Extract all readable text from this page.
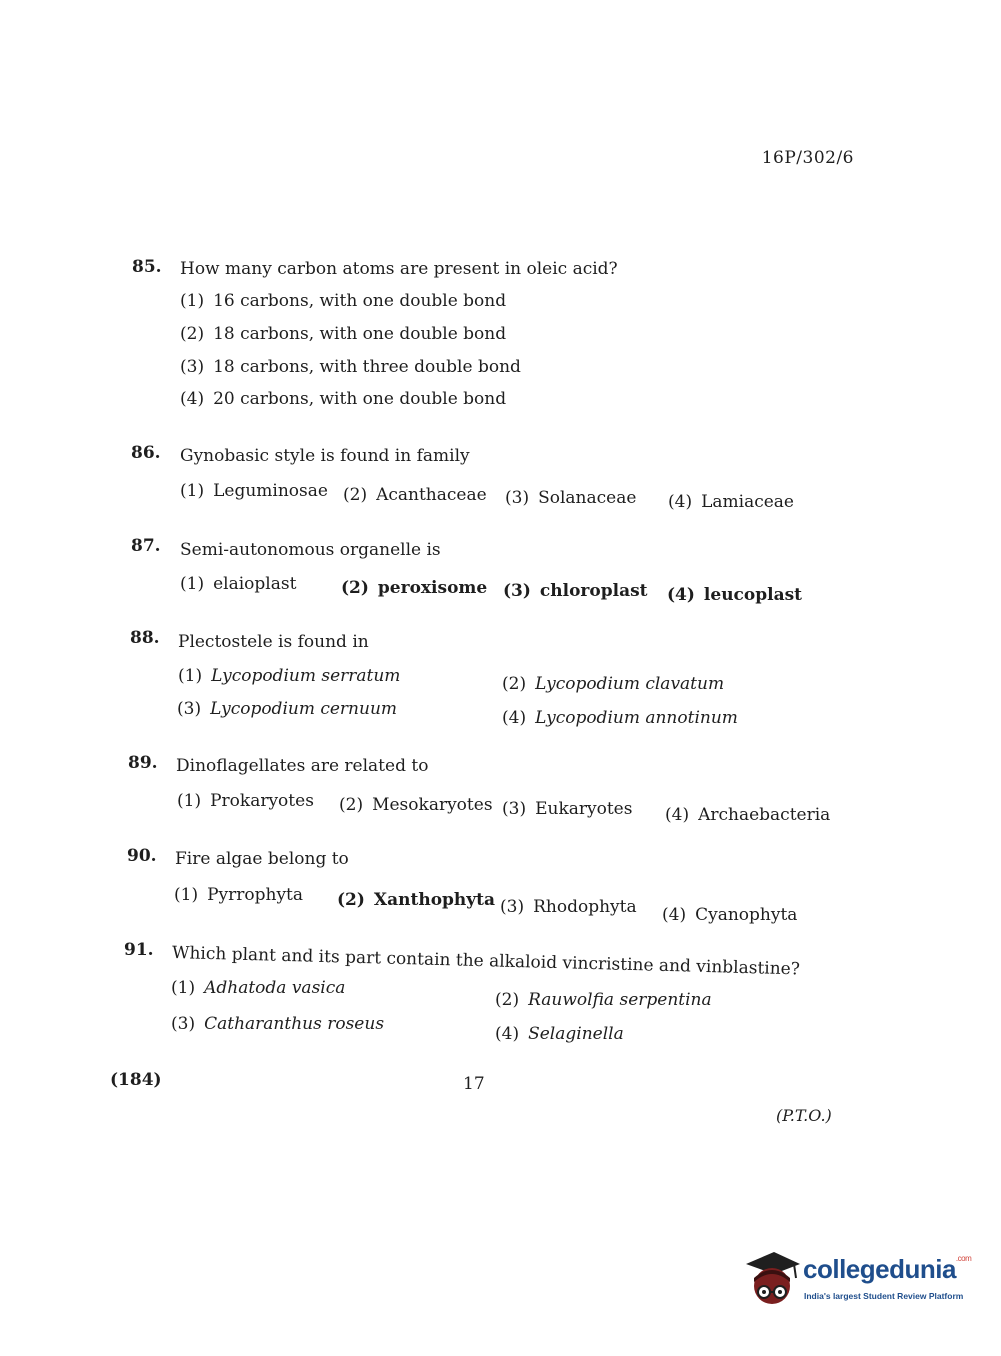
16P/302/6
85. How many carbon atoms are present in oleic acid?
(1) 16 carbons, with one double bond
(2) 18 carbons, with one double bond
(3) 18 carbons, with three double bond
(4) 20 carbons, with one double bond
86. Gynobasic style is found in family
(1) Leguminosae (2) Acanthaceae (3) Solanaceae (4) Lamiaceae
87. Semi-autonomous organelle is
(1) elaioplast	(2) peroxisome (3) chloroplast (4) leucoplast
88. Plectostele is found in
(1) Lycopodium serratum	(2) Lycopodium clavatum
(3) Lycopodium cernuum	(4) Lycopodium annotinum
89. Dinoflagellates are related to
(1) Prokaryotes (2) Mesokaryotes (3) Eukaryotes (4) Archaebacteria
90. Fire algae belong to
(1) Pyrrophyta (2) Xanthophyta (3) Rhodophyta (4) Cyanophyta
91. Which plant and its part contain the alkaloid vincristine and vinblastine?
(1) Adhatoda vasica
(2) Rauwolfia serpentina
(3) Catharanthus roseus	(4) Selaginella
(184)	17
(P.T.O.)
collegedunia$^{.com}$
India's largest Student Review Platform
